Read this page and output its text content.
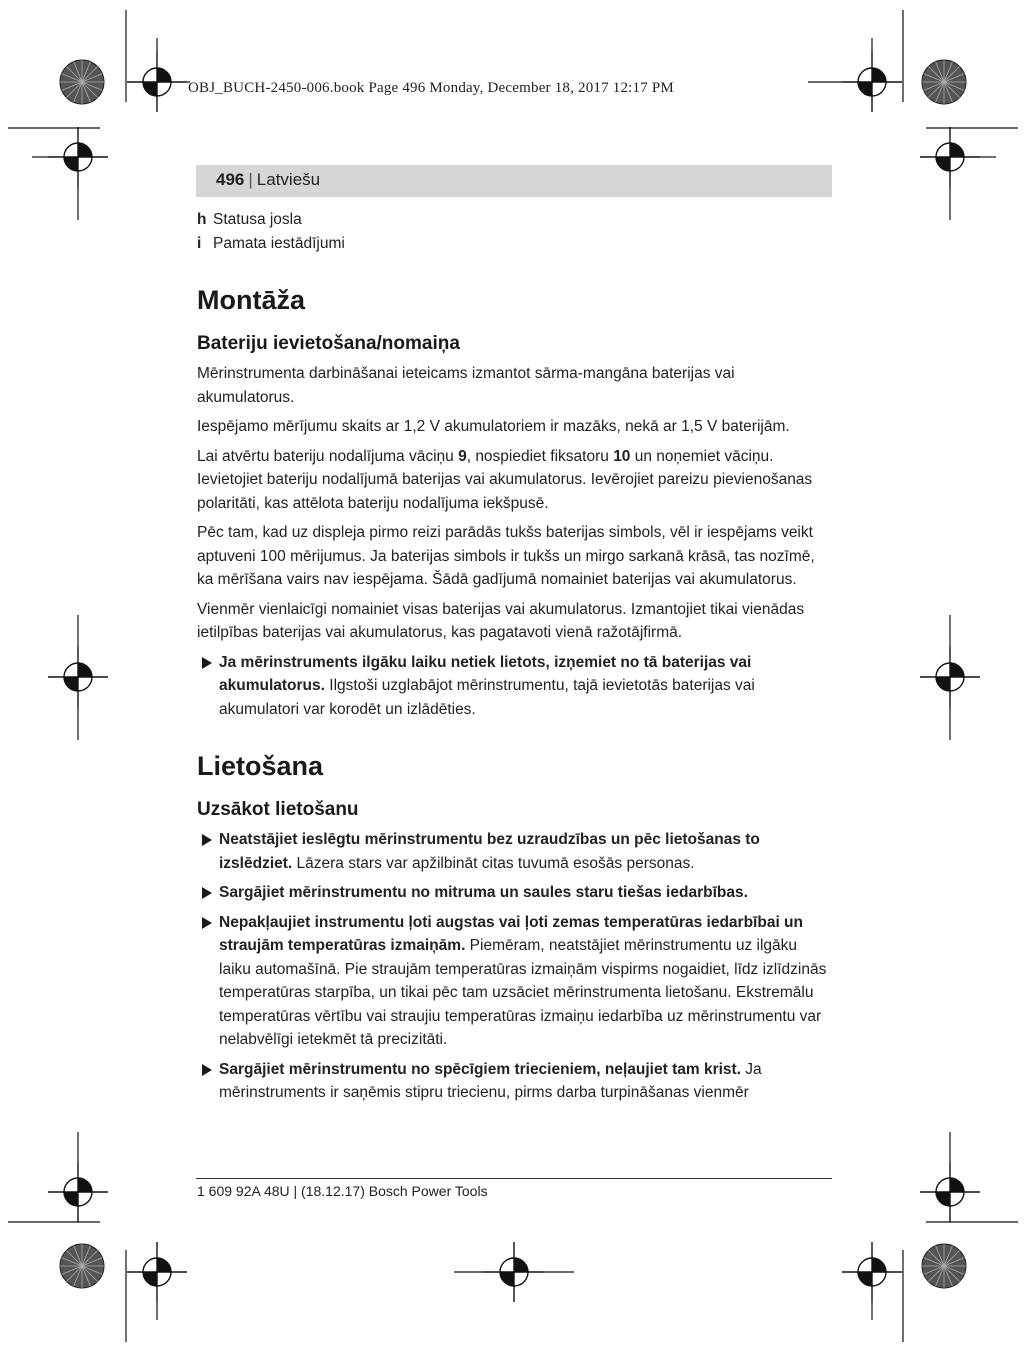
OBJ_BUCH-2450-006.book Page 496 Monday, December 18, 2017 12:17 PM
496 | Latviešu
h Statusa josla
i Pamata iestādījumi
Montāža
Bateriju ievietošana/nomaiņa

Mērinstrumenta darbināšanai ieteicams izmantot sārma-mangāna baterijas vai akumulatorus.

Iespējamo mērījumu skaits ar 1,2 V akumulatoriem ir mazāks, nekā ar 1,5 V baterijām.

Lai atvērtu bateriju nodalījuma vāciņu 9, nospiediet fiksatoru 10 un noņemiet vāciņu. Ievietojiet bateriju nodalījumā baterijas vai akumulatorus. Ievērojiet pareizu pievienošanas polaritāti, kas attēlota bateriju nodalījuma iekšpusē.

Pēc tam, kad uz displeja pirmo reizi parādās tukšs baterijas simbols, vēl ir iespējams veikt aptuveni 100 mērijumus. Ja baterijas simbols ir tukšs un mirgo sarkanā krāsā, tas nozīmē, ka mērīšana vairs nav iespējama. Šādā gadījumā nomainiet baterijas vai akumulatorus.

Vienmēr vienlaicīgi nomainiet visas baterijas vai akumulatorus. Izmantojiet tikai vienādas ietilpības baterijas vai akumulatorus, kas pagatavoti vienā ražotājfirmā.

Ja mērinstruments ilgāku laiku netiek lietots, izņemiet no tā baterijas vai akumulatorus. Ilgstoši uzglabājot mērinstrumentu, tajā ievietotās baterijas vai akumulatori var korodēt un izlādēties.
Lietošana
Uzsākot lietošanu
Neatstājiet ieslēgtu mērinstrumentu bez uzraudzības un pēc lietošanas to izslēdziet. Lāzera stars var apžilbināt citas tuvumā esošās personas.
Sargājiet mērinstrumentu no mitruma un saules staru tiešas iedarbības.
Nepakļaujiet instrumentu ļoti augstas vai ļoti zemas temperatūras iedarbībai un straujām temperatūras izmaiņām. Piemēram, neatstājiet mērinstrumentu uz ilgāku laiku automašīnā. Pie straujām temperatūras izmaiņām vispirms nogaidiet, līdz izlīdzinās temperatūras starpība, un tikai pēc tam uzsāciet mērinstrumenta lietošanu. Ekstremālu temperatūras vērtību vai straujiu temperatūras izmaiņu iedarbība uz mērinstrumentu var nelabvēlīgi ietekmēt tā precizitāti.
Sargājiet mērinstrumentu no spēcīgiem triecieniem, neļaujiet tam krist. Ja mērinstruments ir saņēmis stipru triecienu, pirms darba turpināšanas vienmēr
1 609 92A 48U | (18.12.17) Bosch Power Tools
